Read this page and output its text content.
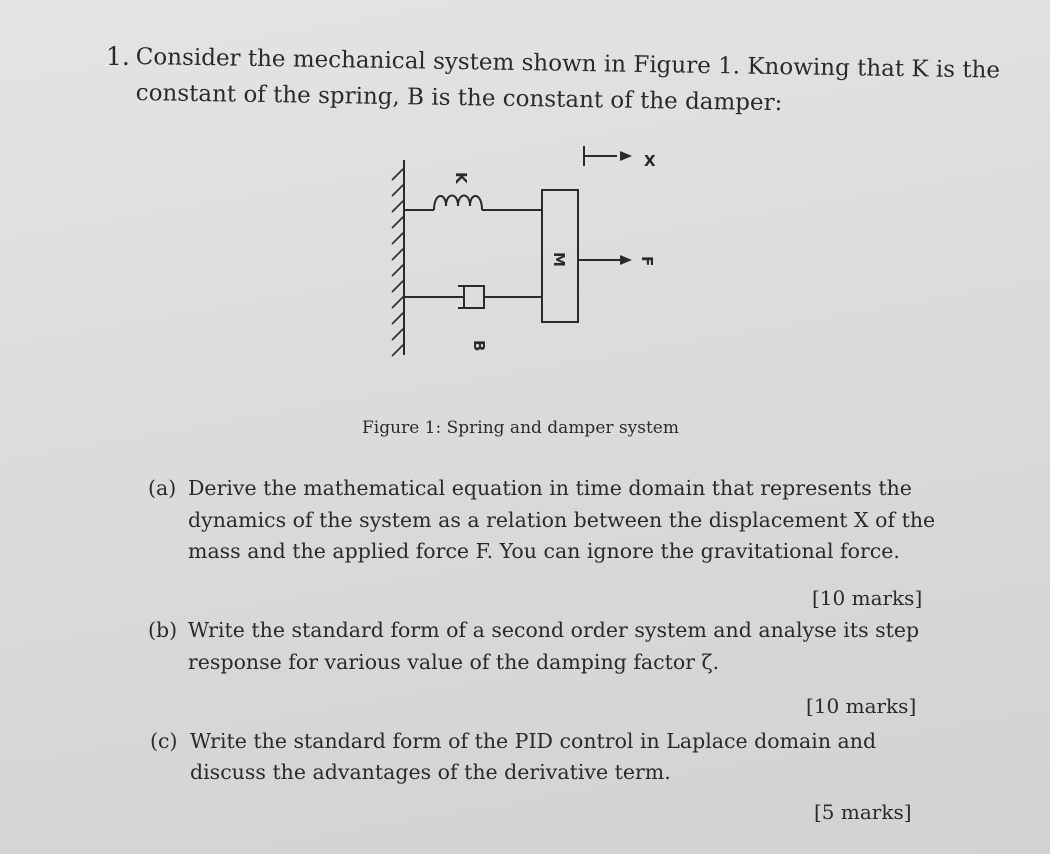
1. Consider the mechanical system shown in Figure 1. Knowing that K is the
constant of the spring, B is the constant of the damper:
K
X
M	F
B
Figure 1: Spring and damper system
(a) Derive the mathematical equation in time domain that represents the
dynamics of the system as a relation between the displacement X of the
mass and the applied force F. You can ignore the gravitational force.
[10 marks]
(b) Write the standard form of a second order system and analyse its step
response for various value of the damping factor ζ.
[10 marks]
(c) Write the standard form of the PID control in Laplace domain and
discuss the advantages of the derivative term.
[5 marks]
